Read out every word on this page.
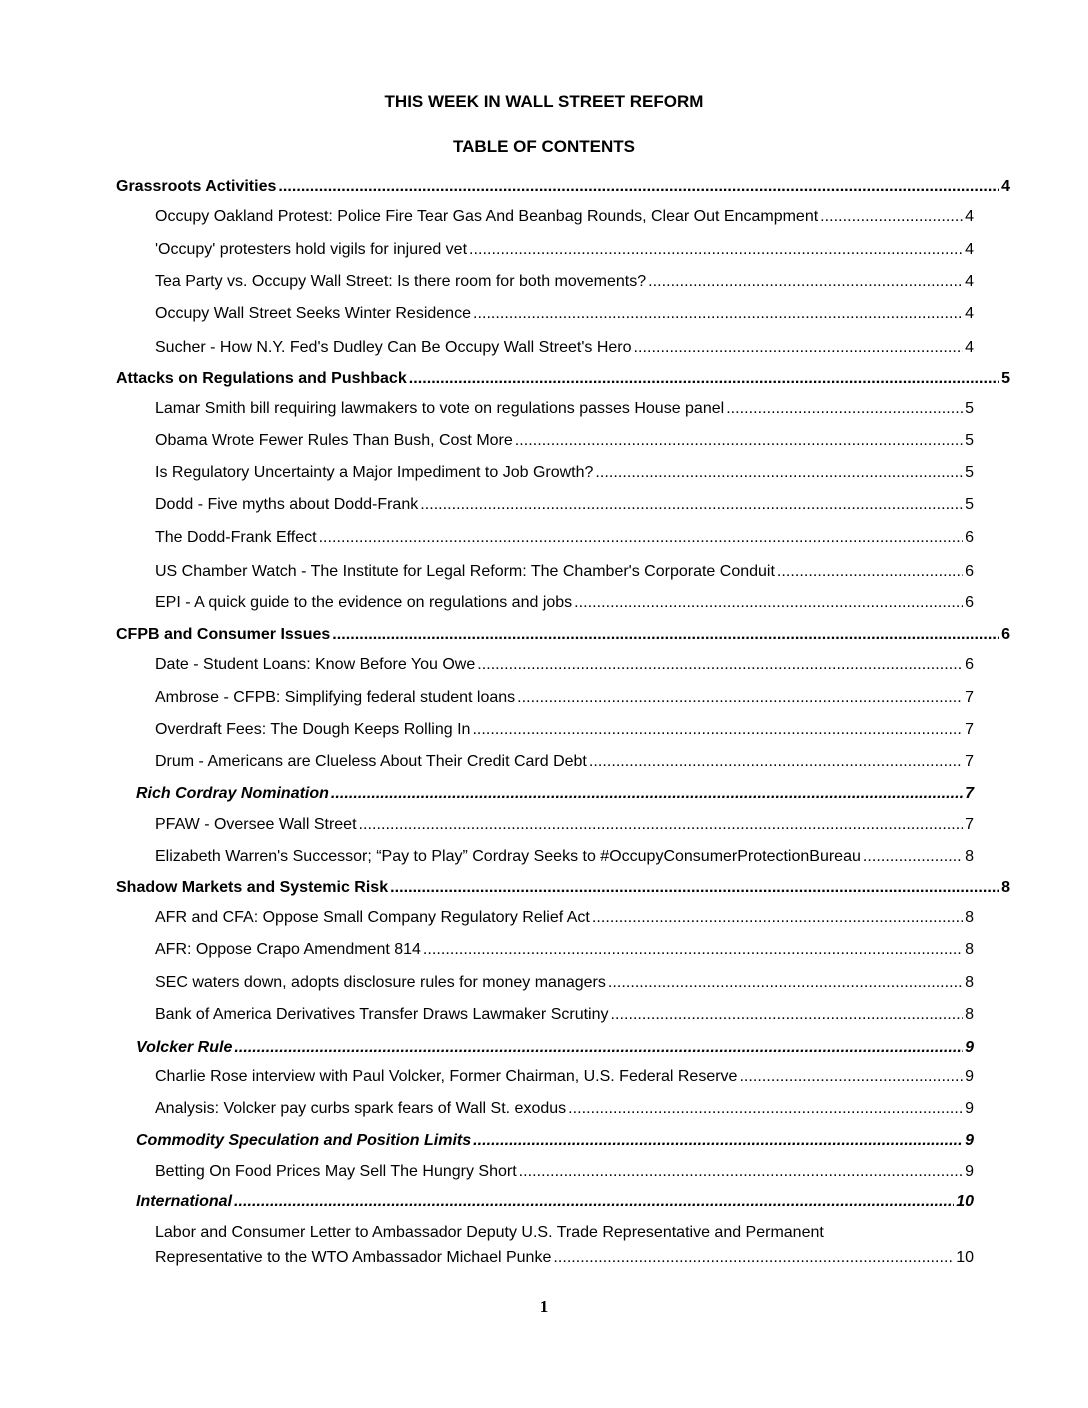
THIS WEEK IN WALL STREET REFORM
TABLE OF CONTENTS
Grassroots Activities . . .	4
Occupy Oakland Protest: Police Fire Tear Gas And Beanbag Rounds, Clear Out Encampment . . .	4
'Occupy' protesters hold vigils for injured vet . . .	4
Tea Party vs. Occupy Wall Street: Is there room for both movements? . . .	4
Occupy Wall Street Seeks Winter Residence . . .	4
Sucher - How N.Y. Fed's Dudley Can Be Occupy Wall Street's Hero . . .	4
Attacks on Regulations and Pushback . . .	5
Lamar Smith bill requiring lawmakers to vote on regulations passes House panel . . .	5
Obama Wrote Fewer Rules Than Bush, Cost More . . .	5
Is Regulatory Uncertainty a Major Impediment to Job Growth? . . .	5
Dodd - Five myths about Dodd-Frank . . .	5
The Dodd-Frank Effect . . .	6
US Chamber Watch - The Institute for Legal Reform: The Chamber's Corporate Conduit . . .	6
EPI - A quick guide to the evidence on regulations and jobs . . .	6
CFPB and Consumer Issues . . .	6
Date - Student Loans: Know Before You Owe . . .	6
Ambrose - CFPB: Simplifying federal student loans . . .	7
Overdraft Fees: The Dough Keeps Rolling In . . .	7
Drum - Americans are Clueless About Their Credit Card Debt . . .	7
Rich Cordray Nomination . . .	7
PFAW - Oversee Wall Street . . .	7
Elizabeth Warren's Successor; “Pay to Play” Cordray Seeks to #OccupyConsumerProtectionBureau . . .	8
Shadow Markets and Systemic Risk . . .	8
AFR and CFA: Oppose Small Company Regulatory Relief Act . . .	8
AFR: Oppose Crapo Amendment 814 . . .	8
SEC waters down, adopts disclosure rules for money managers . . .	8
Bank of America Derivatives Transfer Draws Lawmaker Scrutiny . . .	8
Volcker Rule . . .	9
Charlie Rose interview with Paul Volcker, Former Chairman, U.S. Federal Reserve . . .	9
Analysis: Volcker pay curbs spark fears of Wall St. exodus . . .	9
Commodity Speculation and Position Limits . . .	9
Betting On Food Prices May Sell The Hungry Short . . .	9
International . . .	10
Labor and Consumer Letter to Ambassador Deputy U.S. Trade Representative and Permanent
Representative to the WTO Ambassador Michael Punke . . .	10
1
